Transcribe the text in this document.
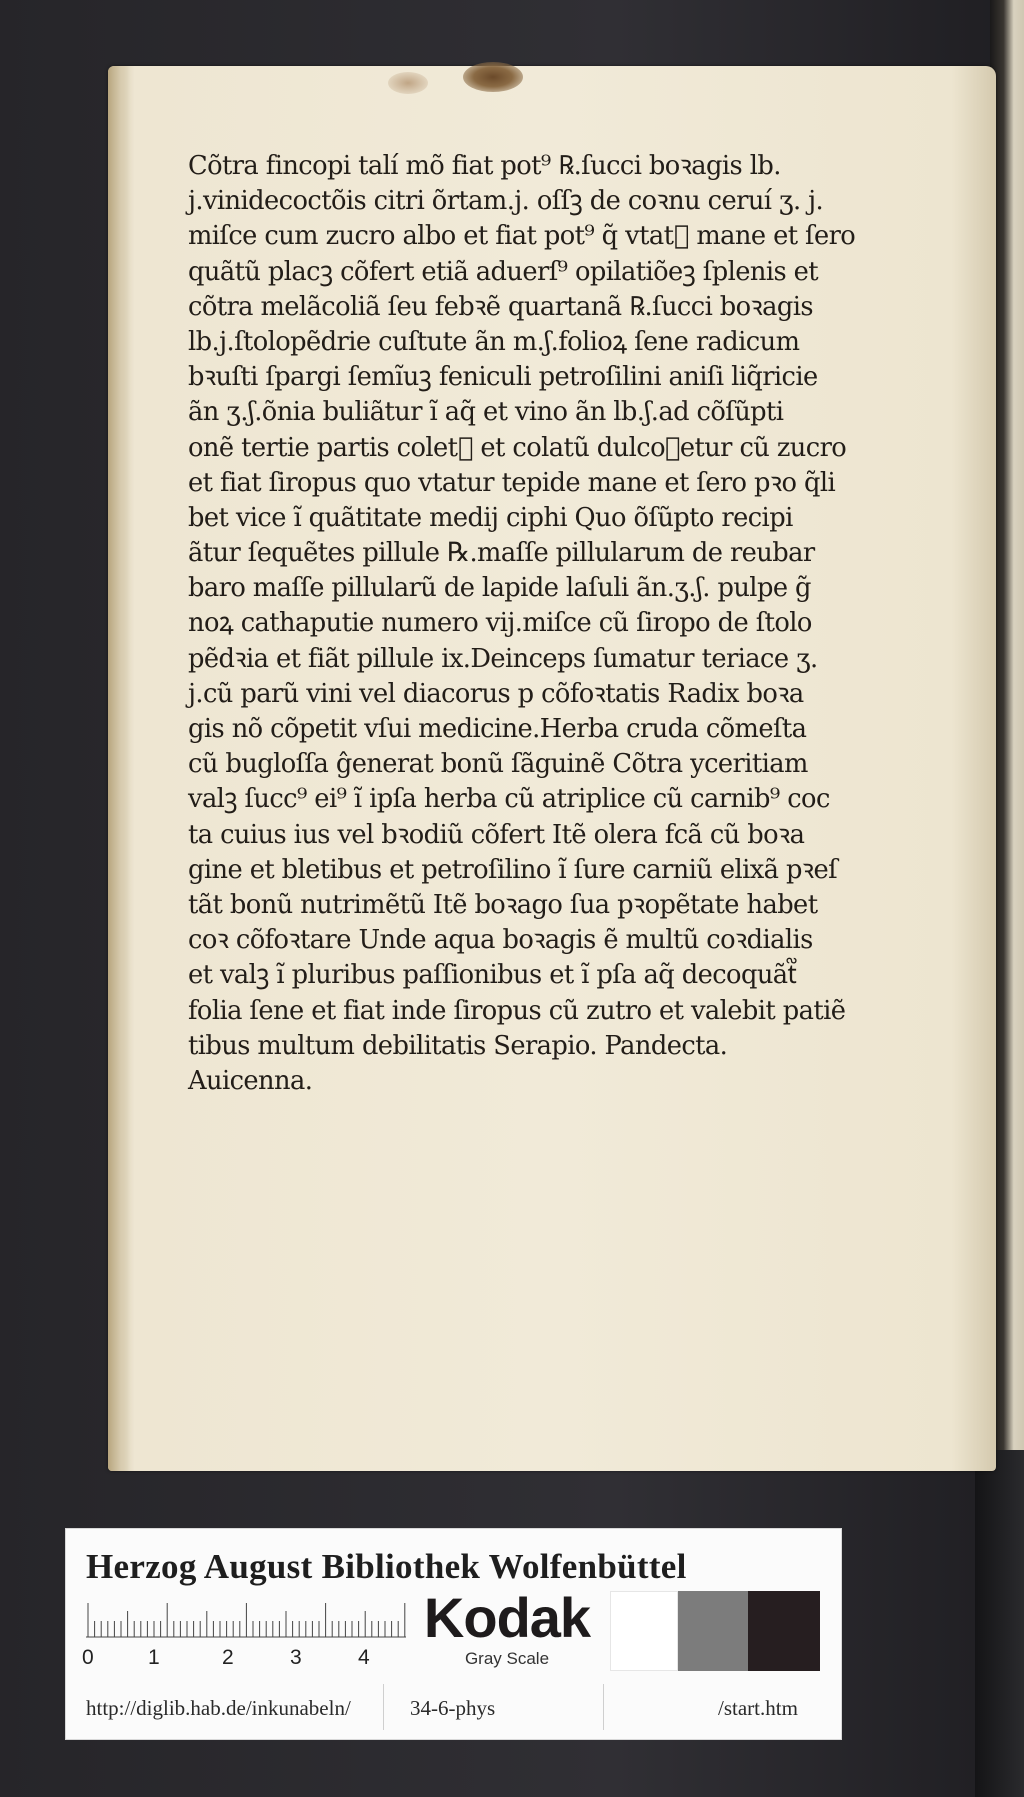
Cõtra fincopi talí mõ fiat pot⁹ ℞.ſucci boꝛagis lb.
j.vinidecoctõis citri õrtam.j. oſſꝫ de coꝛnu ceruí ʒ. j.
miſce cum zucro albo et fiat pot⁹ q̃ vtat᷑ mane et ſero
quãtũ placꝫ cõfert etiã aduerſ⁹ opilatiõeꝫ ſplenis et
cõtra melãcoliã ſeu febꝛẽ quartanã ℞.ſucci boꝛagis
lb.j.ſtolopẽdrie cuſtute ãn m.ʃ.folioꝝ ſene radicum
bꝛuſti ſpargi ſemĩuꝫ feniculi petroſilini aniſi liq̃ricie
ãn ʒ.ʃ.õnia buliãtur ĩ aq̃ et vino ãn lb.ʃ.ad cõſũpti
onẽ tertie partis colet᷑ et colatũ dulcoꝛetur cũ zucro
et fiat ſiropus quo vtatur tepide mane et ſero pꝛo q̃li
bet vice ĩ quãtitate medij ciphi Quo õſũpto recipi
ãtur ſequẽtes pillule ℞.maſſe pillularum de reubar
baro maſſe pillularũ de lapide laſuli ãn.ʒ.ʃ. pulpe g̃
noꝝ cathaputie numero vij.miſce cũ ſiropo de ſtolo
pẽdꝛia et fiãt pillule ix.Deinceps ſumatur teriace ʒ.
j.cũ parũ vini vel diacorus p cõfoꝛtatis Radix boꝛa
gis nõ cõpetit vſui medicine.Herba cruda cõmeſta
cũ bugloſſa ĝenerat bonũ ſãguinẽ Cõtra yceritiam
valꝫ ſucc⁹ ei⁹ ĩ ipſa herba cũ atriplice cũ carnib⁹ coc
ta cuius ius vel bꝛodiũ cõfert Itẽ olera fcã cũ boꝛa
gine et bletibus et petroſilino ĩ ſure carniũ elixã pꝛeſ
tãt bonũ nutrimẽtũ Itẽ boꝛago ſua pꝛopẽtate habet
coꝛ cõfoꝛtare Unde aqua boꝛagis ẽ multũ coꝛdialis
et valꝫ ĩ pluribus paſſionibus et ĩ pſa aq̃ decoquãt᷑
folia ſene et fiat inde ſiropus cũ zutro et valebit patiẽ
tibus multum debilitatis Serapio. Pandecta.
Auicenna.
Herzog August Bibliothek Wolfenbüttel
0	1	2	3	4
Kodak
Gray Scale
http://diglib.hab.de/inkunabeln/	34-6-phys	/start.htm
